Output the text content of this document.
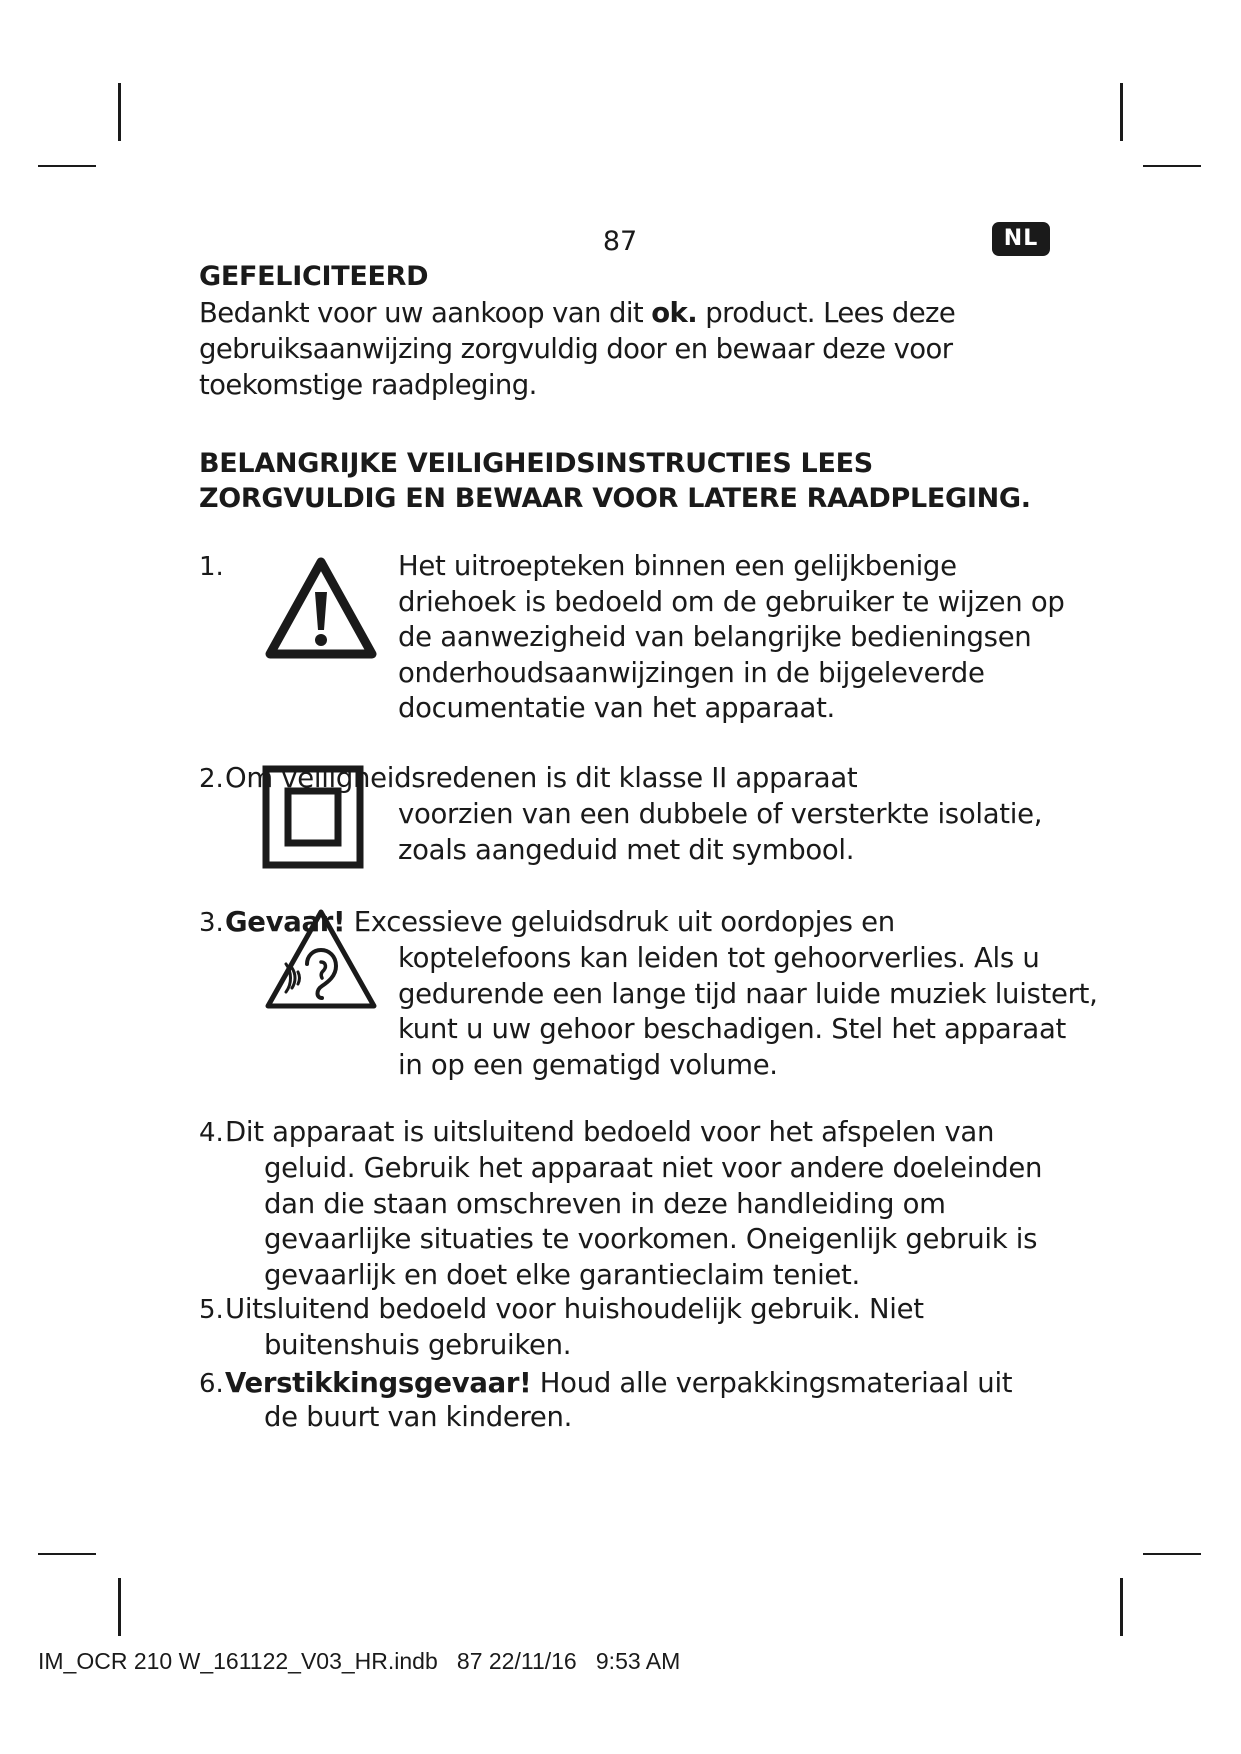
87	NL
GEFELICITEERD
Bedankt voor uw aankoop van dit ok. product. Lees deze gebruiksaanwijzing zorgvuldig door en bewaar deze voor toekomstige raadpleging.
BELANGRIJKE VEILIGHEIDSINSTRUCTIES LEES
ZORGVULDIG EN BEWAAR VOOR LATERE RAADPLEGING.
1.	Het uitroepteken binnen een gelijkbenige driehoek is bedoeld om de gebruiker te wijzen op de aanwezigheid van belangrijke bedieningsen onderhoudsaanwijzingen in de bijgeleverde documentatie van het apparaat.
2. Om veiligheidsredenen is dit klasse II apparaat
voorzien van een dubbele of versterkte isolatie, zoals aangeduid met dit symbool.
3. Gevaar! Excessieve geluidsdruk uit oordopjes en
koptelefoons kan leiden tot gehoorverlies. Als u gedurende een lange tijd naar luide muziek luistert, kunt u uw gehoor beschadigen. Stel het apparaat in op een gematigd volume.
4. Dit apparaat is uitsluitend bedoeld voor het afspelen van
geluid. Gebruik het apparaat niet voor andere doeleinden dan die staan omschreven in deze handleiding om gevaarlijke situaties te voorkomen. Oneigenlijk gebruik is gevaarlijk en doet elke garantieclaim teniet.
5. Uitsluitend bedoeld voor huishoudelijk gebruik. Niet
buitenshuis gebruiken.
6. Verstikkingsgevaar! Houd alle verpakkingsmateriaal uit
de buurt van kinderen.
IM_OCR 210 W_161122_V03_HR.indb   87 22/11/16   9:53 AM
